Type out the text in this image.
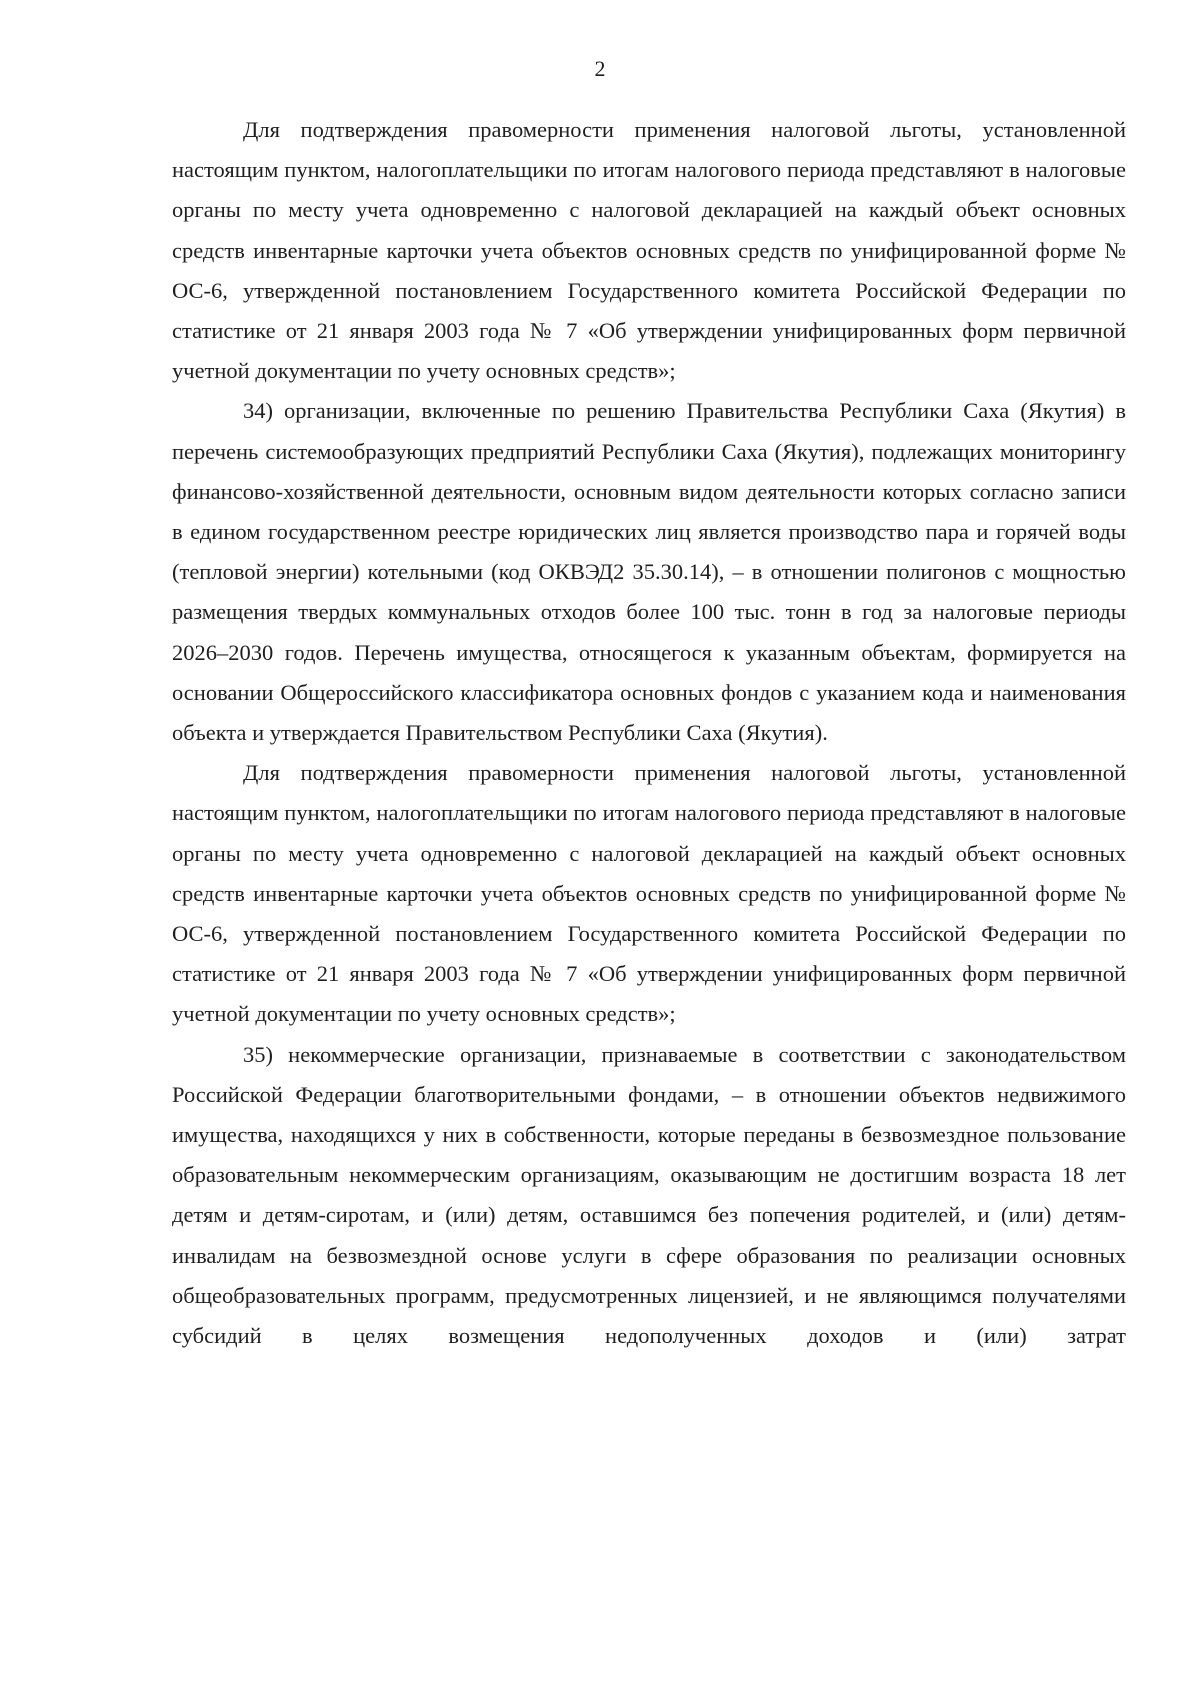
2

Для подтверждения правомерности применения налоговой льготы, установленной настоящим пунктом, налогоплательщики по итогам налогового периода представляют в налоговые органы по месту учета одновременно с налоговой декларацией на каждый объект основных средств инвентарные карточки учета объектов основных средств по унифицированной форме № ОС-6, утвержденной постановлением Государственного комитета Российской Федерации по статистике от 21 января 2003 года № 7 «Об утверждении унифицированных форм первичной учетной документации по учету основных средств»;

34) организации, включенные по решению Правительства Республики Саха (Якутия) в перечень системообразующих предприятий Республики Саха (Якутия), подлежащих мониторингу финансово-хозяйственной деятельности, основным видом деятельности которых согласно записи в едином государственном реестре юридических лиц является производство пара и горячей воды (тепловой энергии) котельными (код ОКВЭД2 35.30.14), – в отношении полигонов с мощностью размещения твердых коммунальных отходов более 100 тыс. тонн в год за налоговые периоды 2026–2030 годов. Перечень имущества, относящегося к указанным объектам, формируется на основании Общероссийского классификатора основных фондов с указанием кода и наименования объекта и утверждается Правительством Республики Саха (Якутия).

Для подтверждения правомерности применения налоговой льготы, установленной настоящим пунктом, налогоплательщики по итогам налогового периода представляют в налоговые органы по месту учета одновременно с налоговой декларацией на каждый объект основных средств инвентарные карточки учета объектов основных средств по унифицированной форме № ОС-6, утвержденной постановлением Государственного комитета Российской Федерации по статистике от 21 января 2003 года № 7 «Об утверждении унифицированных форм первичной учетной документации по учету основных средств»;

35) некоммерческие организации, признаваемые в соответствии с законодательством Российской Федерации благотворительными фондами, – в отношении объектов недвижимого имущества, находящихся у них в собственности, которые переданы в безвозмездное пользование образовательным некоммерческим организациям, оказывающим не достигшим возраста 18 лет детям и детям-сиротам, и (или) детям, оставшимся без попечения родителей, и (или) детям-инвалидам на безвозмездной основе услуги в сфере образования по реализации основных общеобразовательных программ, предусмотренных лицензией, и не являющимся получателями субсидий в целях возмещения недополученных доходов и (или) затрат
